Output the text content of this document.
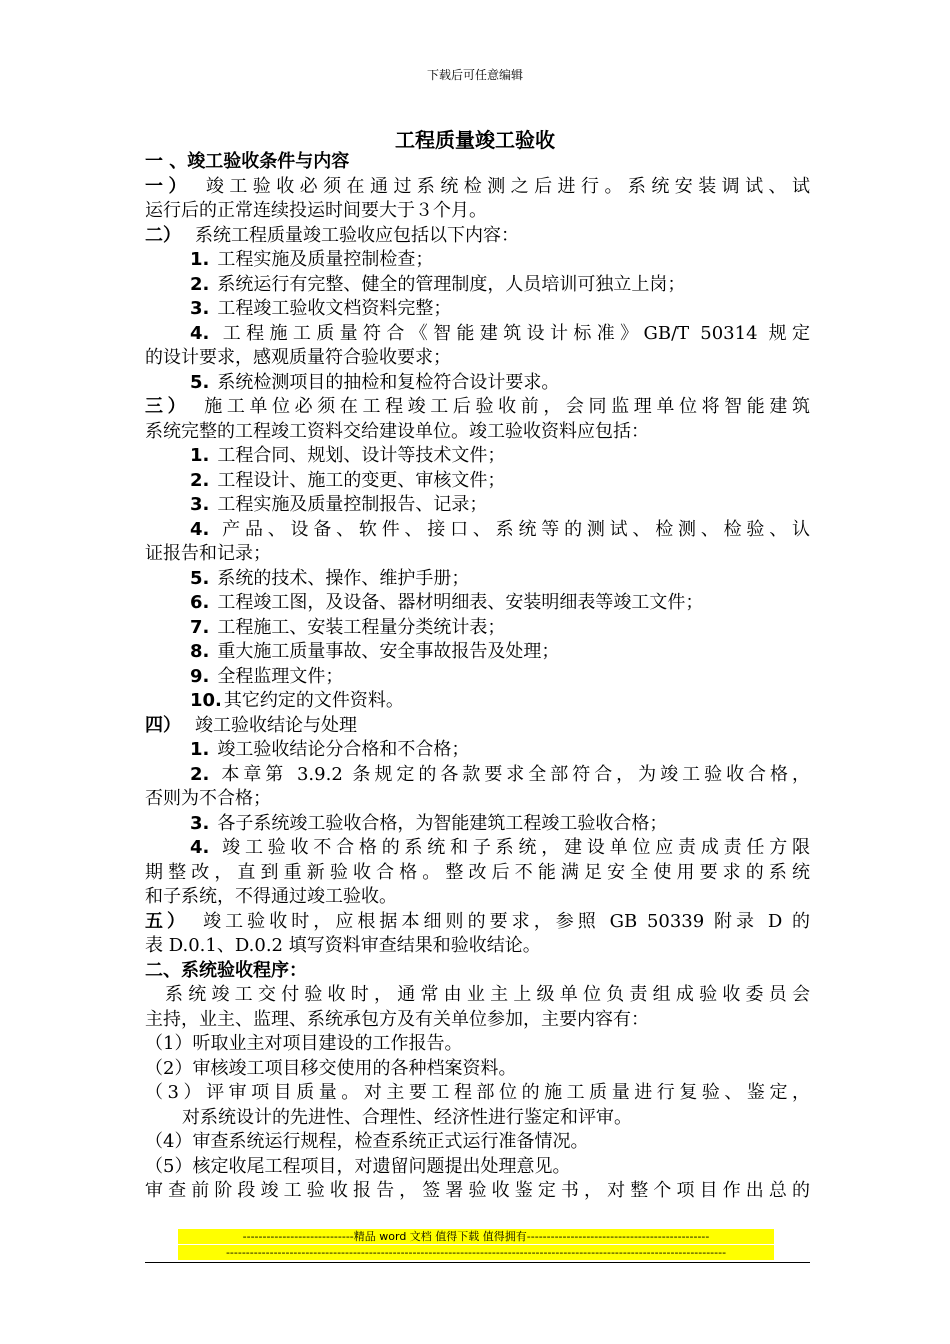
下载后可任意编辑
工程质量竣工验收
一 、竣工验收条件与内容
一） 竣工验收必须在通过系统检测之后进行。系统安装调试、试
运行后的正常连续投运时间要大于３个月。
二） 系统工程质量竣工验收应包括以下内容：
1. 工程实施及质量控制检查；
2. 系统运行有完整、健全的管理制度，人员培训可独立上岗；
3. 工程竣工验收文档资料完整；
4. 工程施工质量符合《智能建筑设计标准》GB/T 50314 规定
的设计要求，感观质量符合验收要求；
5. 系统检测项目的抽检和复检符合设计要求。
三） 施工单位必须在工程竣工后验收前，会同监理单位将智能建筑
系统完整的工程竣工资料交给建设单位。竣工验收资料应包括：
1. 工程合同、规划、设计等技术文件；
2. 工程设计、施工的变更、审核文件；
3. 工程实施及质量控制报告、记录；
4. 产品、设备、软件、接口、系统等的测试、检测、检验、认
证报告和记录；
5. 系统的技术、操作、维护手册；
6. 工程竣工图，及设备、器材明细表、安装明细表等竣工文件；
7. 工程施工、安装工程量分类统计表；
8. 重大施工质量事故、安全事故报告及处理；
9. 全程监理文件；
10. 其它约定的文件资料。
四） 竣工验收结论与处理
1. 竣工验收结论分合格和不合格；
2. 本章第 3.9.2 条规定的各款要求全部符合，为竣工验收合格，
否则为不合格；
3. 各子系统竣工验收合格，为智能建筑工程竣工验收合格；
4. 竣工验收不合格的系统和子系统，建设单位应责成责任方限
期整改，直到重新验收合格。整改后不能满足安全使用要求的系统
和子系统，不得通过竣工验收。
五） 竣工验收时，应根据本细则的要求，参照 GB 50339 附录 D 的
表 D.0.1、D.0.2 填写资料审查结果和验收结论。
二、系统验收程序：
系统竣工交付验收时，通常由业主上级单位负责组成验收委员会
主持，业主、监理、系统承包方及有关单位参加，主要内容有：
（1）听取业主对项目建设的工作报告。
（2）审核竣工项目移交使用的各种档案资料。
（3）评审项目质量。对主要工程部位的施工质量进行复验、鉴定，
对系统设计的先进性、合理性、经济性进行鉴定和评审。
（4）审查系统运行规程，检查系统正式运行准备情况。
（5）核定收尾工程项目，对遗留问题提出处理意见。
审查前阶段竣工验收报告，签署验收鉴定书，对整个项目作出总的
----------------------------精品 word 文档 值得下载 值得拥有----------------------------------------------
------------------------------------------------------------------------------------------------------------------------------
